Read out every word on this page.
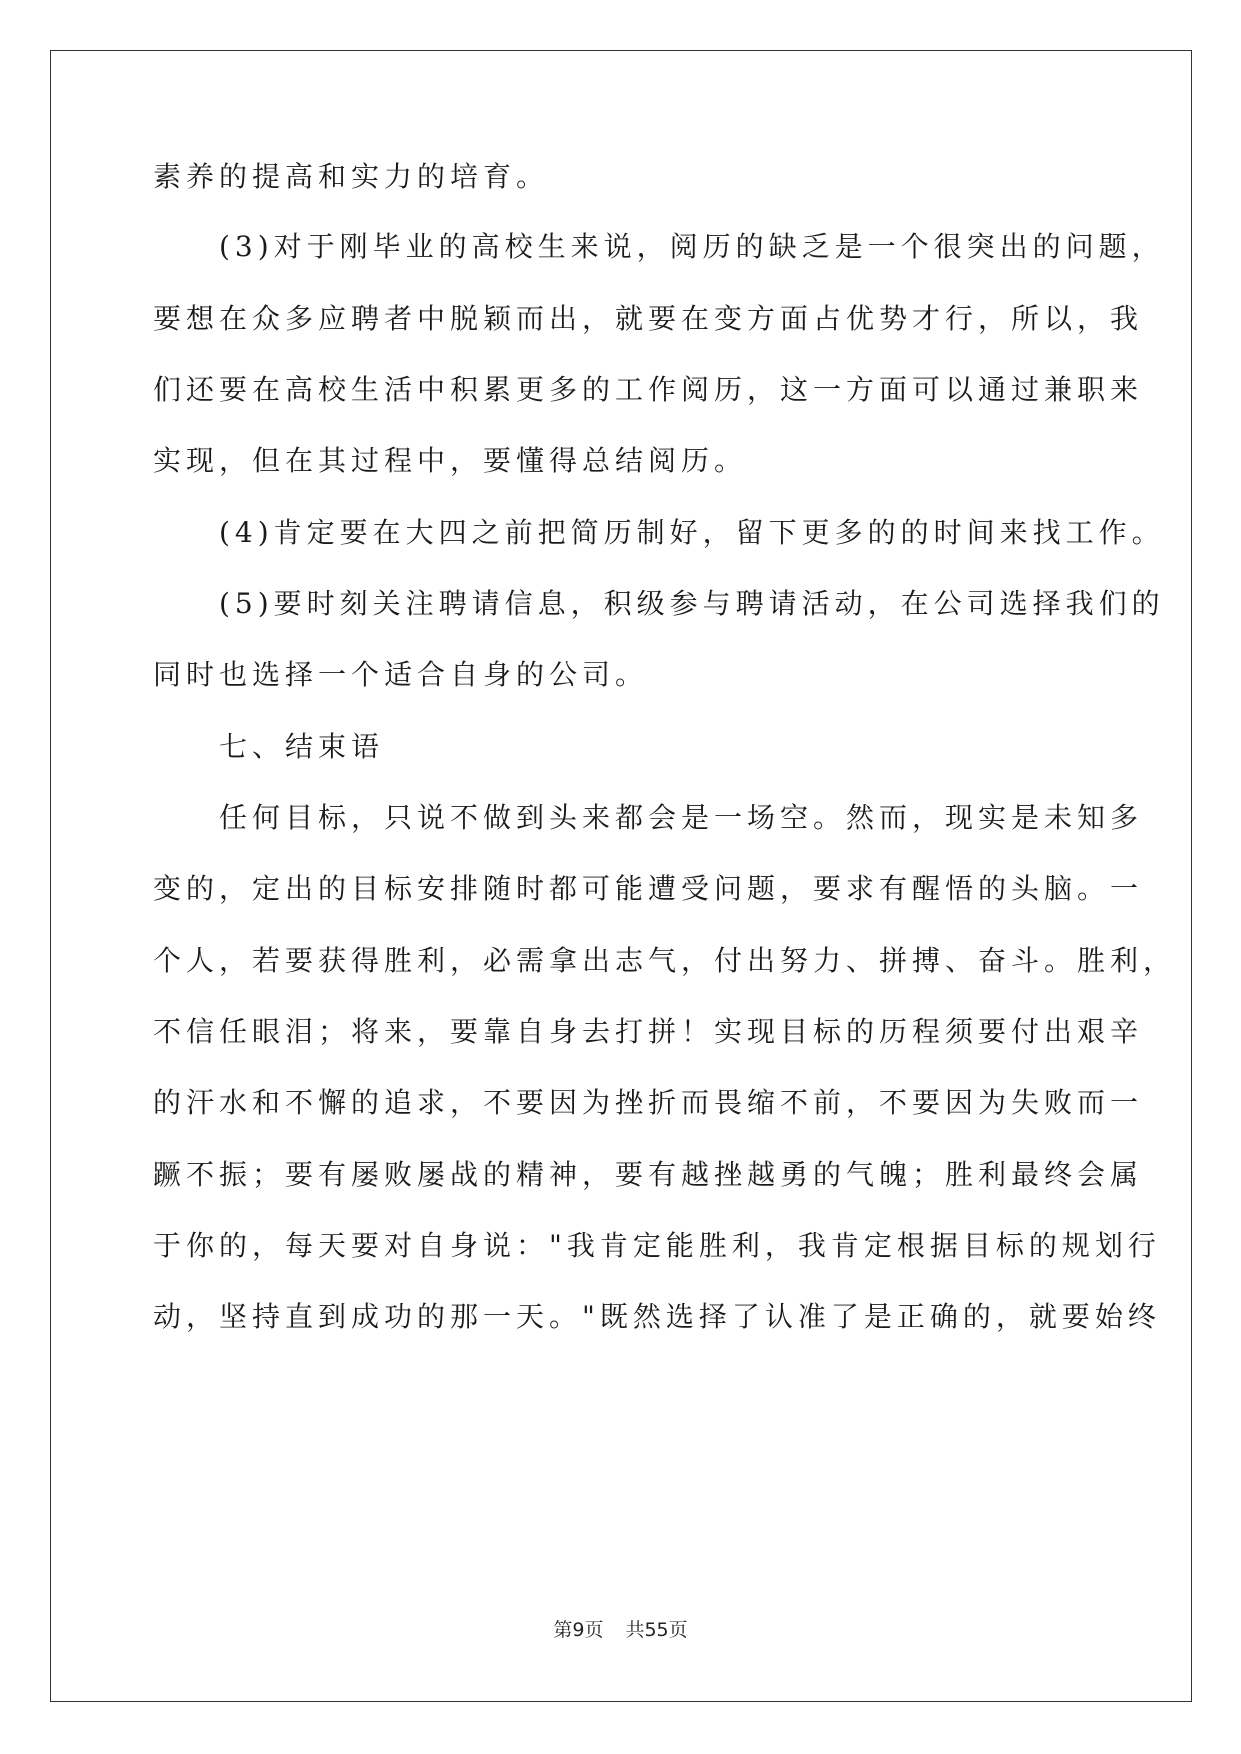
素养的提高和实力的培育。
　　(3)对于刚毕业的高校生来说，阅历的缺乏是一个很突出的问题，
要想在众多应聘者中脱颖而出，就要在变方面占优势才行，所以，我
们还要在高校生活中积累更多的工作阅历，这一方面可以通过兼职来
实现，但在其过程中，要懂得总结阅历。
　　(4)肯定要在大四之前把简历制好，留下更多的的时间来找工作。
　　(5)要时刻关注聘请信息，积级参与聘请活动，在公司选择我们的
同时也选择一个适合自身的公司。
　　七、结束语
　　任何目标，只说不做到头来都会是一场空。然而，现实是未知多
变的，定出的目标安排随时都可能遭受问题，要求有醒悟的头脑。一
个人，若要获得胜利，必需拿出志气，付出努力、拼搏、奋斗。胜利，
不信任眼泪；将来，要靠自身去打拼！实现目标的历程须要付出艰辛
的汗水和不懈的追求，不要因为挫折而畏缩不前，不要因为失败而一
蹶不振；要有屡败屡战的精神，要有越挫越勇的气魄；胜利最终会属
于你的，每天要对自身说："我肯定能胜利，我肯定根据目标的规划行
动，坚持直到成功的那一天。"既然选择了认准了是正确的，就要始终
第9页 共55页
